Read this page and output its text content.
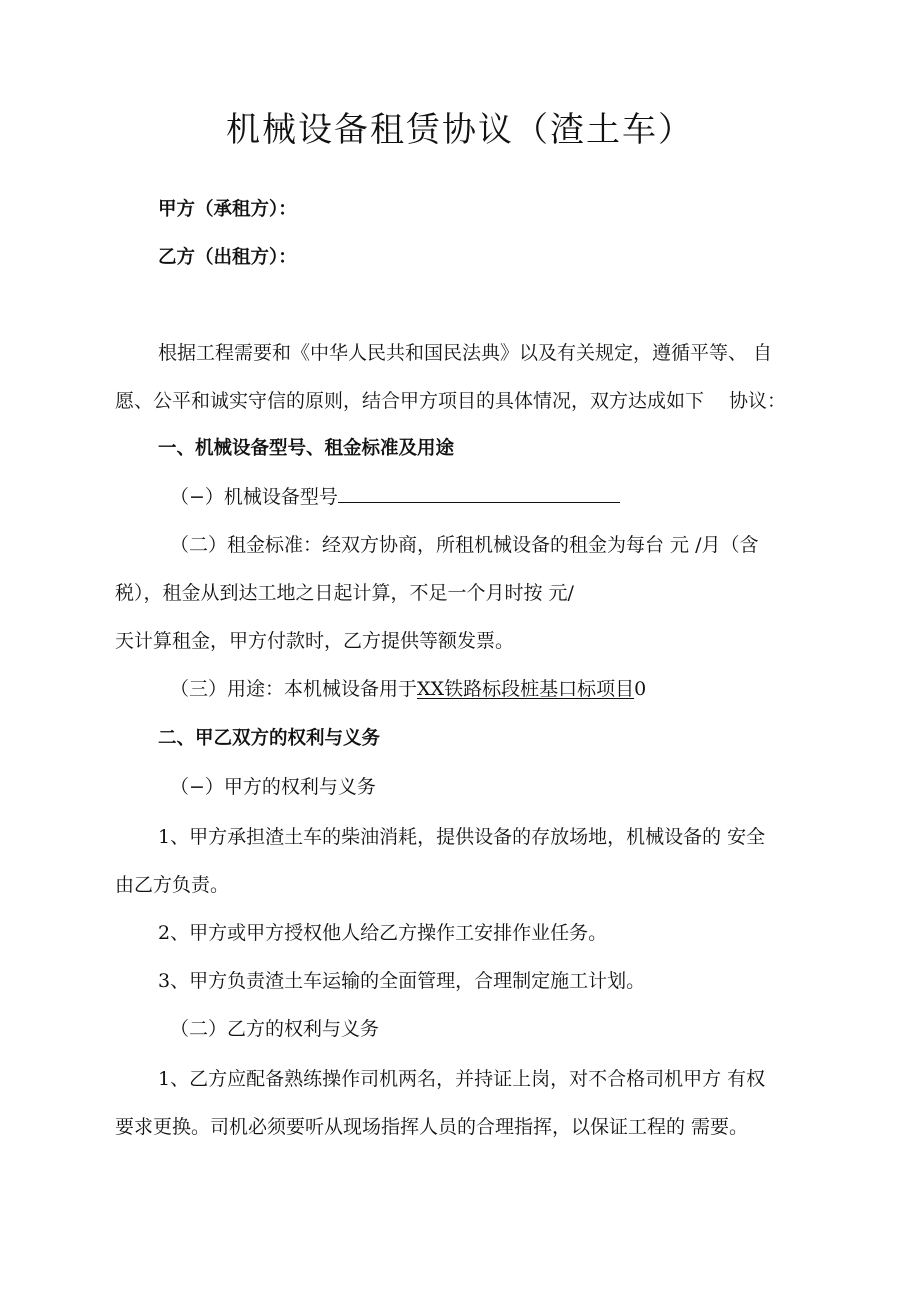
机械设备租赁协议（渣土车）
甲方（承租方）：
乙方（出租方）：
根据工程需要和《中华人民共和国民法典》以及有关规定，遵循平等、 自
愿、公平和诚实守信的原则，结合甲方项目的具体情况，双方达成如下　 协议：
一、机械设备型号、租金标准及用途
（−）机械设备型号
（二）租金标准：经双方协商，所租机械设备的租金为每台 元 /月（含
税），租金从到达工地之日起计算，不足一个月时按 元/
天计算租金，甲方付款时，乙方提供等额发票。
（三）用途：本机械设备用于XX铁路标段桩基口标项目0
二、甲乙双方的权利与义务
（−）甲方的权利与义务
1、甲方承担渣土车的柴油消耗，提供设备的存放场地，机械设备的 安全
由乙方负责。
2、甲方或甲方授权他人给乙方操作工安排作业任务。
3、甲方负责渣土车运输的全面管理，合理制定施工计划。
（二）乙方的权利与义务
1、乙方应配备熟练操作司机两名，并持证上岗，对不合格司机甲方 有权
要求更换。司机必须要听从现场指挥人员的合理指挥，以保证工程的 需要。
